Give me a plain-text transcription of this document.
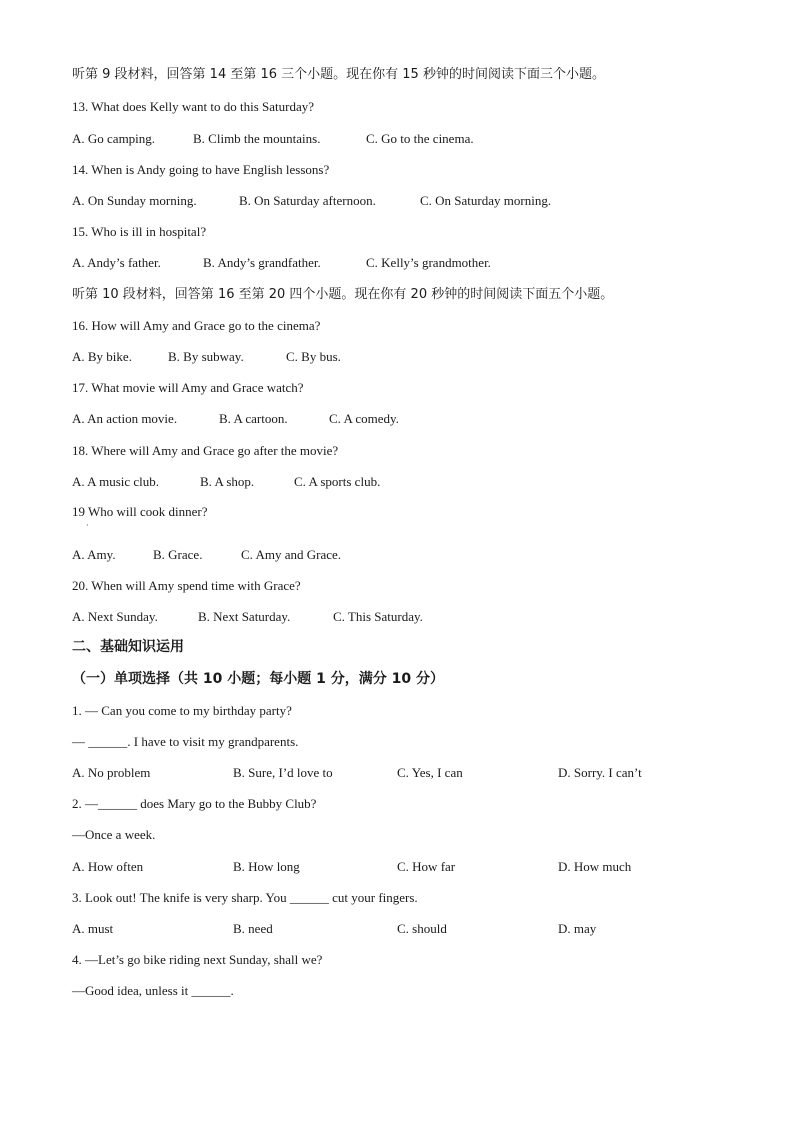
听第 9 段材料，回答第 14 至第 16 三个小题。现在你有 15 秒钟的时间阅读下面三个小题。
13. What does Kelly want to do this Saturday?
A. Go camping.	B. Climb the mountains.	C. Go to the cinema.
14. When is Andy going to have English lessons?
A. On Sunday morning.	B. On Saturday afternoon.	C. On Saturday morning.
15. Who is ill in hospital?
A. Andy’s father.	B. Andy’s grandfather.	C. Kelly’s grandmother.
听第 10 段材料，回答第 16 至第 20 四个小题。现在你有 20 秒钟的时间阅读下面五个小题。
16. How will Amy and Grace go to the cinema?
A. By bike.	B. By subway.	C. By bus.
17. What movie will Amy and Grace watch?
A. An action movie.	B. A cartoon.	C. A comedy.
18. Where will Amy and Grace go after the movie?
A. A music club.	B. A shop.	C. A sports club.
19 Who will cook dinner?
·
A. Amy.	B. Grace.	C. Amy and Grace.
20. When will Amy spend time with Grace?
A. Next Sunday.	B. Next Saturday.	C. This Saturday.
二、基础知识运用
（一）单项选择（共 10 小题；每小题 1 分，满分 10 分）
1. — Can you come to my birthday party?
— ______. I have to visit my grandparents.
A. No problem	B. Sure, I’d love to	C. Yes, I can	D. Sorry. I can’t
2. —______ does Mary go to the Bubby Club?
—Once a week.
A. How often	B. How long	C. How far	D. How much
3. Look out! The knife is very sharp. You ______ cut your fingers.
A. must	B. need	C. should	D. may
4. —Let’s go bike riding next Sunday, shall we?
—Good idea, unless it ______.
